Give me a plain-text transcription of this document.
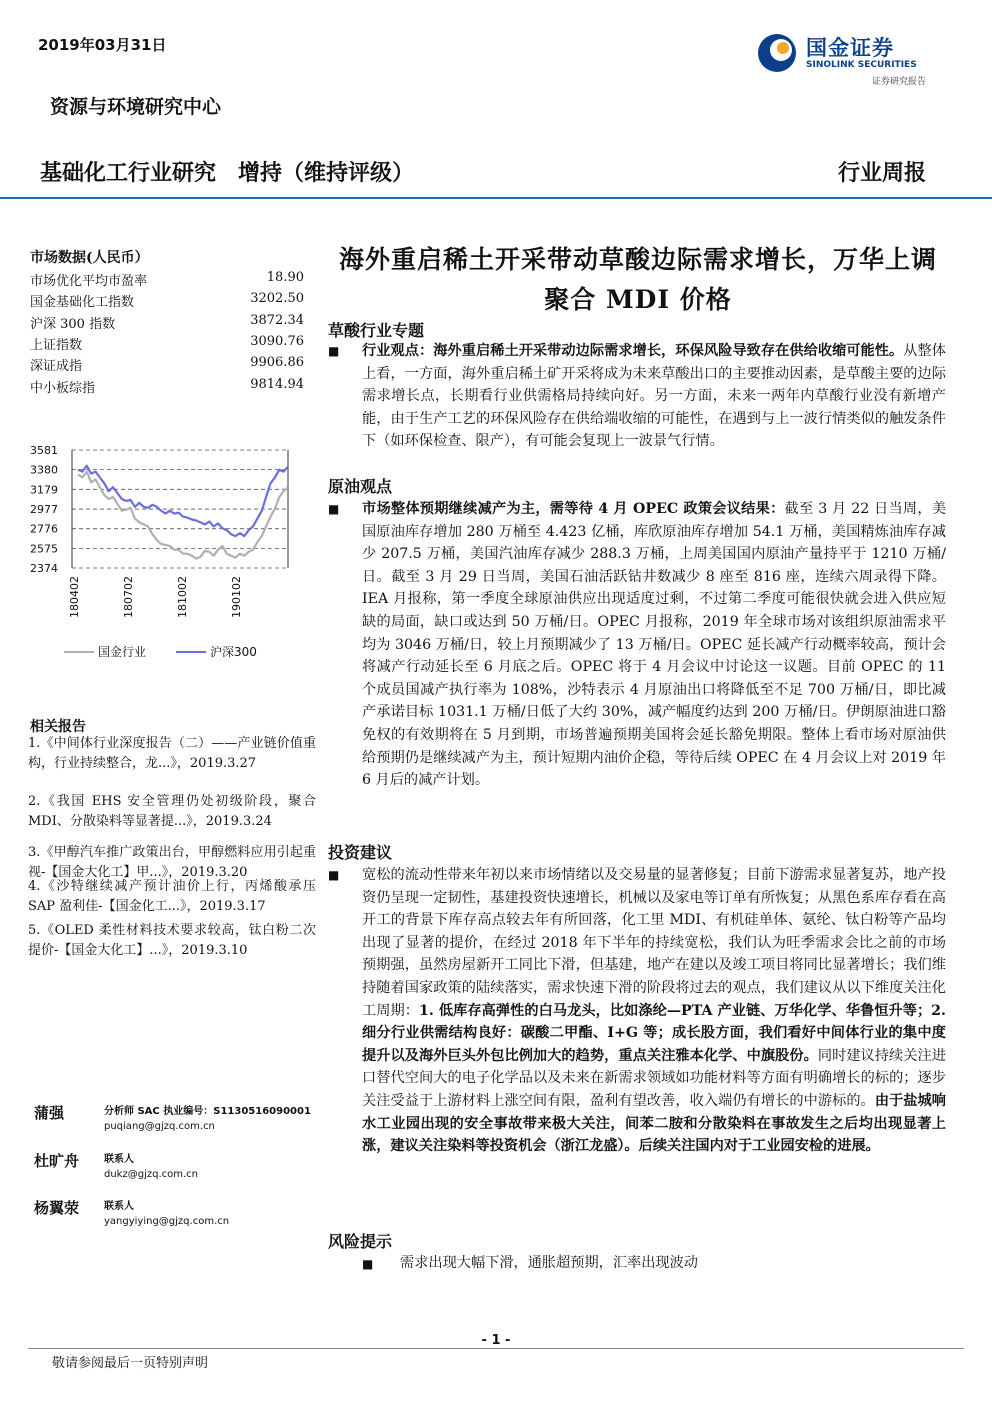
2019年03月31日	国金证券
SINOLINK SECURITIES
证券研究报告
资源与环境研究中心
基础化工行业研究　增持（维持评级）	行业周报
市场数据(人民币）
市场优化平均市盈率	18.90
国金基础化工指数	3202.50
沪深 300 指数	3872.34
上证指数	3090.76
深证成指	9906.86
中小板综指	9814.94
3581
3380
3179
2977
2776
2575
2374
180402	180702	181002	190102
国金行业	沪深300
相关报告
1.《中间体行业深度报告（二）——产业链价值重构，行业持续整合，龙...》，2019.3.27
2.《我国 EHS 安全管理仍处初级阶段，聚合 MDI、分散染料等显著提...》，2019.3.24
3.《甲醇汽车推广政策出台，甲醇燃料应用引起重视-【国金大化工】甲...》，2019.3.20
4.《沙特继续减产预计油价上行，丙烯酸承压 SAP 盈利佳-【国金化工...》，2019.3.17
5.《OLED 柔性材料技术要求较高，钛白粉二次提价-【国金大化工】...》，2019.3.10
蒲强	分析师 SAC 执业编号：S1130516090001
puqiang@gjzq.com.cn
杜旷舟 联系人
dukz@gjzq.com.cn
杨翼荥 联系人
yangyiying@gjzq.com.cn
海外重启稀土开采带动草酸边际需求增长，万华上调聚合 MDI 价格
草酸行业专题
■ 行业观点：海外重启稀土开采带动边际需求增长，环保风险导致存在供给收缩可能性。从整体上看，一方面，海外重启稀土矿开采将成为未来草酸出口的主要推动因素，是草酸主要的边际需求增长点，长期看行业供需格局持续向好。另一方面，未来一两年内草酸行业没有新增产能，由于生产工艺的环保风险存在供给端收缩的可能性，在遇到与上一波行情类似的触发条件下（如环保检查、限产），有可能会复现上一波景气行情。
原油观点
■ 市场整体预期继续减产为主，需等待 4 月 OPEC 政策会议结果：截至 3 月 22 日当周，美国原油库存增加 280 万桶至 4.423 亿桶，库欣原油库存增加 54.1 万桶，美国精炼油库存减少 207.5 万桶，美国汽油库存减少 288.3 万桶，上周美国国内原油产量持平于 1210 万桶/日。截至 3 月 29 日当周，美国石油活跃钻井数减少 8 座至 816 座，连续六周录得下降。IEA 月报称，第一季度全球原油供应出现适度过剩，不过第二季度可能很快就会进入供应短缺的局面，缺口或达到 50 万桶/日。OPEC 月报称，2019 年全球市场对该组织原油需求平均为 3046 万桶/日，较上月预期减少了 13 万桶/日。OPEC 延长减产行动概率较高，预计会将减产行动延长至 6 月底之后。OPEC 将于 4 月会议中讨论这一议题。目前 OPEC 的 11 个成员国减产执行率为 108%，沙特表示 4 月原油出口将降低至不足 700 万桶/日，即比减产承诺目标 1031.1 万桶/日低了大约 30%，减产幅度约达到 200 万桶/日。伊朗原油进口豁免权的有效期将在 5 月到期，市场普遍预期美国将会延长豁免期限。整体上看市场对原油供给预期仍是继续减产为主，预计短期内油价企稳，等待后续 OPEC 在 4 月会议上对 2019 年 6 月后的减产计划。
投资建议
■ 宽松的流动性带来年初以来市场情绪以及交易量的显著修复；目前下游需求显著复苏，地产投资仍呈现一定韧性，基建投资快速增长，机械以及家电等订单有所恢复；从黑色系库存看在高开工的背景下库存高点较去年有所回落，化工里 MDI、有机硅单体、氨纶、钛白粉等产品均出现了显著的提价，在经过 2018 年下半年的持续宽松，我们认为旺季需求会比之前的市场预期强，虽然房屋新开工同比下滑，但基建，地产在建以及竣工项目将同比显著增长；我们维持随着国家政策的陆续落实，需求快速下滑的阶段将过去的观点，我们建议从以下维度关注化工周期：1. 低库存高弹性的白马龙头，比如涤纶—PTA 产业链、万华化学、华鲁恒升等；2.细分行业供需结构良好：碳酸二甲酯、I+G 等；成长股方面，我们看好中间体行业的集中度提升以及海外巨头外包比例加大的趋势，重点关注雅本化学、中旗股份。同时建议持续关注进口替代空间大的电子化学品以及未来在新需求领域如功能材料等方面有明确增长的标的；逐步关注受益于上游材料上涨空间有限，盈利有望改善，收入端仍有增长的中游标的。由于盐城响水工业园出现的安全事故带来极大关注，间苯二胺和分散染料在事故发生之后均出现显著上涨，建议关注染料等投资机会（浙江龙盛）。后续关注国内对于工业园安检的进展。
风险提示
■ 需求出现大幅下滑，通胀超预期，汇率出现波动
- 1 -
敬请参阅最后一页特别声明
